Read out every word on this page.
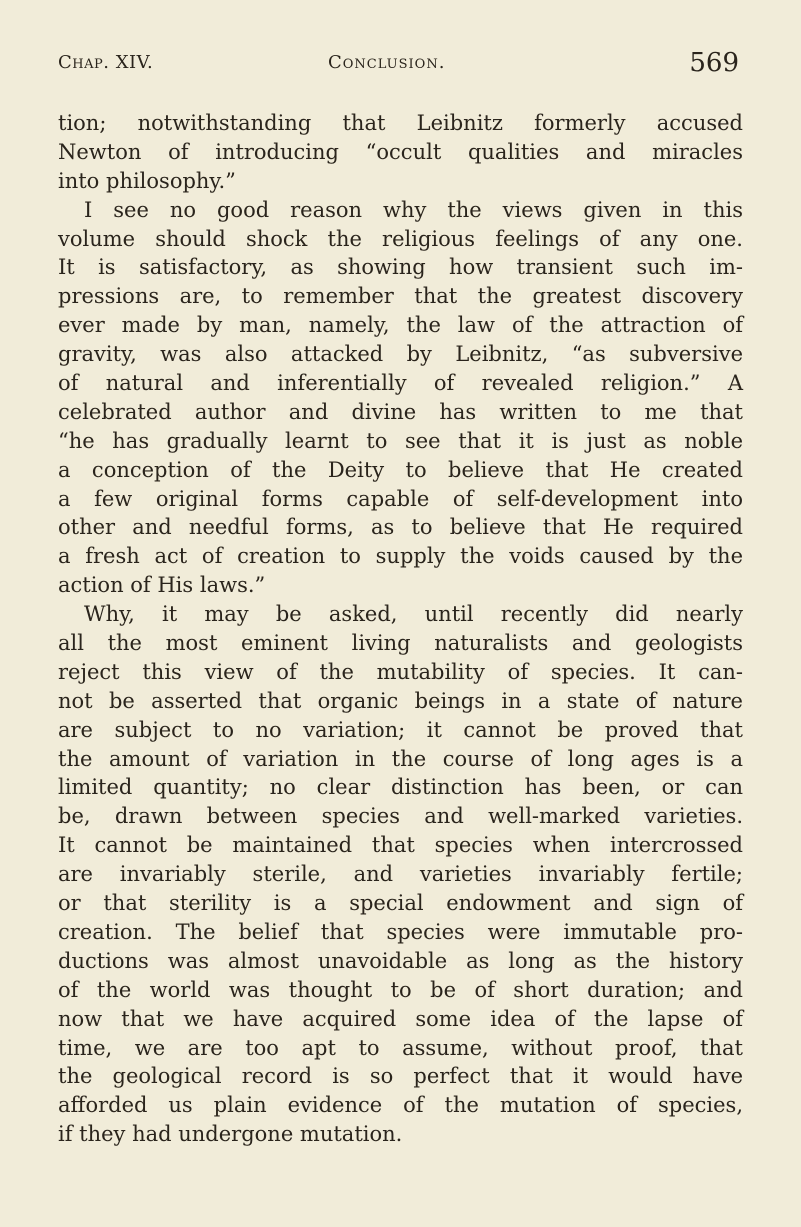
Chap. XIV.	Conclusion.	569
tion; notwithstanding that Leibnitz formerly accused
Newton of introducing “occult qualities and miracles
into philosophy.”
I see no good reason why the views given in this
volume should shock the religious feelings of any one.
It is satisfactory, as showing how transient such im-
pressions are, to remember that the greatest discovery
ever made by man, namely, the law of the attraction of
gravity, was also attacked by Leibnitz, “as subversive
of natural and inferentially of revealed religion.” A
celebrated author and divine has written to me that
“he has gradually learnt to see that it is just as noble
a conception of the Deity to believe that He created
a few original forms capable of self-development into
other and needful forms, as to believe that He required
a fresh act of creation to supply the voids caused by the
action of His laws.”
Why, it may be asked, until recently did nearly
all the most eminent living naturalists and geologists
reject this view of the mutability of species. It can-
not be asserted that organic beings in a state of nature
are subject to no variation; it cannot be proved that
the amount of variation in the course of long ages is a
limited quantity; no clear distinction has been, or can
be, drawn between species and well-marked varieties.
It cannot be maintained that species when intercrossed
are invariably sterile, and varieties invariably fertile;
or that sterility is a special endowment and sign of
creation. The belief that species were immutable pro-
ductions was almost unavoidable as long as the history
of the world was thought to be of short duration; and
now that we have acquired some idea of the lapse of
time, we are too apt to assume, without proof, that
the geological record is so perfect that it would have
afforded us plain evidence of the mutation of species,
if they had undergone mutation.
